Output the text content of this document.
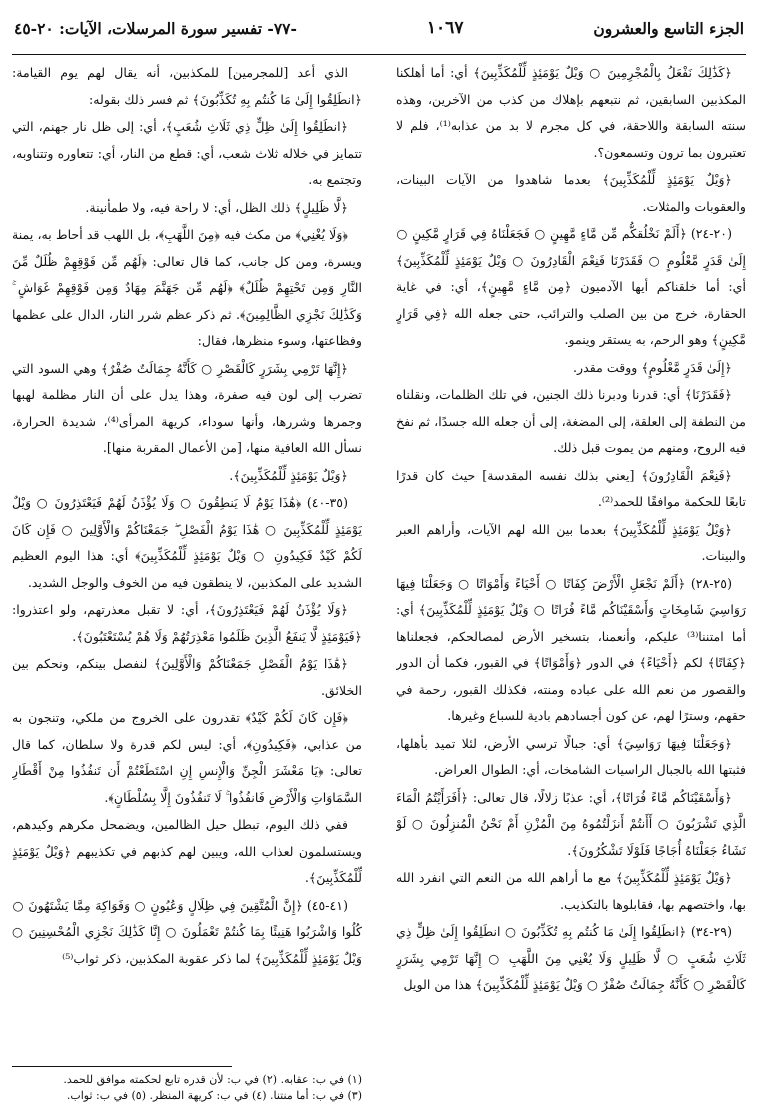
الجزء التاسع والعشرون
١٠٦٧
-٧٧- تفسير سورة المرسلات، الآيات: ٢٠-٤٥

﴿كَذَٰلِكَ نَفْعَلُ بِالْمُجْرِمِينَ ○ وَيْلٌ يَوْمَئِذٍ لِّلْمُكَذِّبِينَ﴾ أي: أما أهلكنا المكذبين السابقين، ثم نتبعهم بإهلاك من كذب من الآخرين، وهذه سنته السابقة واللاحقة، في كل مجرم لا بد من عذابه⁽¹⁾، فلم لا تعتبرون بما ترون وتسمعون؟.

﴿وَيْلٌ يَوْمَئِذٍ لِّلْمُكَذِّبِينَ﴾ بعدما شاهدوا من الآيات البينات، والعقوبات والمثلات.

(٢٠-٢٤) ﴿أَلَمْ نَخْلُقكُّم مِّن مَّاءٍ مَّهِينٍ ○ فَجَعَلْنَاهُ فِي قَرَارٍ مَّكِينٍ ○ إِلَىٰ قَدَرٍ مَّعْلُومٍ ○ فَقَدَرْنَا فَنِعْمَ الْقَادِرُونَ ○ وَيْلٌ يَوْمَئِذٍ لِّلْمُكَذِّبِينَ﴾ أي: أما خلقناكم أيها الآدميون ﴿مِن مَّاءٍ مَّهِينٍ﴾، أي: في غاية الحقارة، خرج من بين الصلب والترائب، حتى جعله الله ﴿فِي قَرَارٍ مَّكِينٍ﴾ وهو الرحم، به يستقر وينمو.

﴿إِلَىٰ قَدَرٍ مَّعْلُومٍ﴾ ووقت مقدر.

﴿فَقَدَرْنَا﴾ أي: قدرنا ودبرنا ذلك الجنين، في تلك الظلمات، ونقلناه من النطفة إلى العلقة، إلى المضغة، إلى أن جعله الله جسدًا، ثم نفخ فيه الروح، ومنهم من يموت قبل ذلك.

﴿فَنِعْمَ الْقَادِرُونَ﴾ [يعني بذلك نفسه المقدسة] حيث كان قدرًا تابعًا للحكمة موافقًا للحمد⁽²⁾.

﴿وَيْلٌ يَوْمَئِذٍ لِّلْمُكَذِّبِينَ﴾ بعدما بين الله لهم الآيات، وأراهم العبر والبينات.

(٢٥-٢٨) ﴿أَلَمْ نَجْعَلِ الْأَرْضَ كِفَاتًا ○ أَحْيَاءً وَأَمْوَاتًا ○ وَجَعَلْنَا فِيهَا رَوَاسِيَ شَامِخَاتٍ وَأَسْقَيْنَاكُم مَّاءً فُرَاتًا ○ وَيْلٌ يَوْمَئِذٍ لِّلْمُكَذِّبِينَ﴾ أي: أما امتننا⁽³⁾ عليكم، وأنعمنا، بتسخير الأرض لمصالحكم، فجعلناها ﴿كِفَاتًا﴾ لكم ﴿أَحْيَاءً﴾ في الدور ﴿وَأَمْوَاتًا﴾ في القبور، فكما أن الدور والقصور من نعم الله على عباده ومنته، فكذلك القبور، رحمة في حقهم، وسترًا لهم، عن كون أجسادهم بادية للسباع وغيرها.

﴿وَجَعَلْنَا فِيهَا رَوَاسِيَ﴾ أي: جبالًا ترسي الأرض، لئلا تميد بأهلها، فثبتها الله بالجبال الراسيات الشامخات، أي: الطوال العراض.

﴿وَأَسْقَيْنَاكُم مَّاءً فُرَاتًا﴾، أي: عذبًا زلالًا، قال تعالى: ﴿أَفَرَأَيْتُمُ الْمَاءَ الَّذِي تَشْرَبُونَ ○ أَأَنتُمْ أَنزَلْتُمُوهُ مِنَ الْمُزْنِ أَمْ نَحْنُ الْمُنزِلُونَ ○ لَوْ نَشَاءُ جَعَلْنَاهُ أُجَاجًا فَلَوْلَا تَشْكُرُونَ﴾.

﴿وَيْلٌ يَوْمَئِذٍ لِّلْمُكَذِّبِينَ﴾ مع ما أراهم الله من النعم التي انفرد الله بها، واختصهم بها، فقابلوها بالتكذيب.

(٢٩-٣٤) ﴿انطَلِقُوا إِلَىٰ مَا كُنتُم بِهِ تُكَذِّبُونَ ○ انطَلِقُوا إِلَىٰ ظِلٍّ ذِي ثَلَاثِ شُعَبٍ ○ لَّا ظَلِيلٍ وَلَا يُغْنِي مِنَ اللَّهَبِ ○ إِنَّهَا تَرْمِي بِشَرَرٍ كَالْقَصْرِ ○ كَأَنَّهُ جِمَالَتٌ صُفْرٌ ○ وَيْلٌ يَوْمَئِذٍ لِّلْمُكَذِّبِينَ﴾ هذا من الويل

الذي أعد [للمجرمين] للمكذبين، أنه يقال لهم يوم القيامة: ﴿انطَلِقُوا إِلَىٰ مَا كُنتُم بِهِ تُكَذِّبُونَ﴾ ثم فسر ذلك بقوله:

﴿انطَلِقُوا إِلَىٰ ظِلٍّ ذِي ثَلَاثِ شُعَبٍ﴾، أي: إلى ظل نار جهنم، التي تتمايز في خلاله ثلاث شعب، أي: قطع من النار، أي: تتعاوره وتتناوبه، وتجتمع به.

﴿لَّا ظَلِيلٍ﴾ ذلك الظل، أي: لا راحة فيه، ولا طمأنينة.

﴿وَلَا يُغْنِي﴾ من مكث فيه ﴿مِنَ اللَّهَبِ﴾، بل اللهب قد أحاط به، يمنة ويسرة، ومن كل جانب، كما قال تعالى: ﴿لَهُم مِّن فَوْقِهِمْ ظُلَلٌ مِّنَ النَّارِ وَمِن تَحْتِهِمْ ظُلَلٌ﴾ ﴿لَهُم مِّن جَهَنَّمَ مِهَادٌ وَمِن فَوْقِهِمْ غَوَاشٍ ۚ وَكَذَٰلِكَ نَجْزِي الظَّالِمِينَ﴾. ثم ذكر عظم شرر النار، الدال على عظمها وفظاعتها، وسوء منظرها، فقال:

﴿إِنَّهَا تَرْمِي بِشَرَرٍ كَالْقَصْرِ ○ كَأَنَّهُ جِمَالَتٌ صُفْرٌ﴾ وهي السود التي تضرب إلى لون فيه صفرة، وهذا يدل على أن النار مظلمة لهبها وجمرها وشررها، وأنها سوداء، كريهة المرأى⁽⁴⁾، شديدة الحرارة، نسأل الله العافية منها، [من الأعمال المقربة منها].

﴿وَيْلٌ يَوْمَئِذٍ لِّلْمُكَذِّبِينَ﴾.

(٣٥-٤٠) ﴿هَٰذَا يَوْمُ لَا يَنطِقُونَ ○ وَلَا يُؤْذَنُ لَهُمْ فَيَعْتَذِرُونَ ○ وَيْلٌ يَوْمَئِذٍ لِّلْمُكَذِّبِينَ ○ هَٰذَا يَوْمُ الْفَصْلِ ۖ جَمَعْنَاكُمْ وَالْأَوَّلِينَ ○ فَإِن كَانَ لَكُمْ كَيْدٌ فَكِيدُونِ ○ وَيْلٌ يَوْمَئِذٍ لِّلْمُكَذِّبِينَ﴾ أي: هذا اليوم العظيم الشديد على المكذبين، لا ينطقون فيه من الخوف والوجل الشديد.

﴿وَلَا يُؤْذَنُ لَهُمْ فَيَعْتَذِرُونَ﴾، أي: لا تقبل معذرتهم، ولو اعتذروا: ﴿فَيَوْمَئِذٍ لَّا يَنفَعُ الَّذِينَ ظَلَمُوا مَعْذِرَتُهُمْ وَلَا هُمْ يُسْتَعْتَبُونَ﴾.

﴿هَٰذَا يَوْمُ الْفَصْلِ جَمَعْنَاكُمْ وَالْأَوَّلِينَ﴾ لنفصل بينكم، ونحكم بين الخلائق.

﴿فَإِن كَانَ لَكُمْ كَيْدٌ﴾ تقدرون على الخروج من ملكي، وتنجون به من عذابي، ﴿فَكِيدُونِ﴾، أي: ليس لكم قدرة ولا سلطان، كما قال تعالى: ﴿يَا مَعْشَرَ الْجِنِّ وَالْإِنسِ إِنِ اسْتَطَعْتُمْ أَن تَنفُذُوا مِنْ أَقْطَارِ السَّمَاوَاتِ وَالْأَرْضِ فَانفُذُوا ۚ لَا تَنفُذُونَ إِلَّا بِسُلْطَانٍ﴾.

ففي ذلك اليوم، تبطل حيل الظالمين، ويضمحل مكرهم وكيدهم، ويستسلمون لعذاب الله، ويبين لهم كذبهم في تكذيبهم ﴿وَيْلٌ يَوْمَئِذٍ لِّلْمُكَذِّبِينَ﴾.

(٤١-٤٥) ﴿إِنَّ الْمُتَّقِينَ فِي ظِلَالٍ وَعُيُونٍ ○ وَفَوَاكِهَ مِمَّا يَشْتَهُونَ ○ كُلُوا وَاشْرَبُوا هَنِيئًا بِمَا كُنتُمْ تَعْمَلُونَ ○ إِنَّا كَذَٰلِكَ نَجْزِي الْمُحْسِنِينَ ○ وَيْلٌ يَوْمَئِذٍ لِّلْمُكَذِّبِينَ﴾ لما ذكر عقوبة المكذبين، ذكر ثواب⁽⁵⁾

(١) في ب: عقابه. (٢) في ب: لأن قدره تابع لحكمته موافق للحمد.
(٣) في ب: أما منتنا. (٤) في ب: كريهة المنظر. (٥) في ب: ثواب.
